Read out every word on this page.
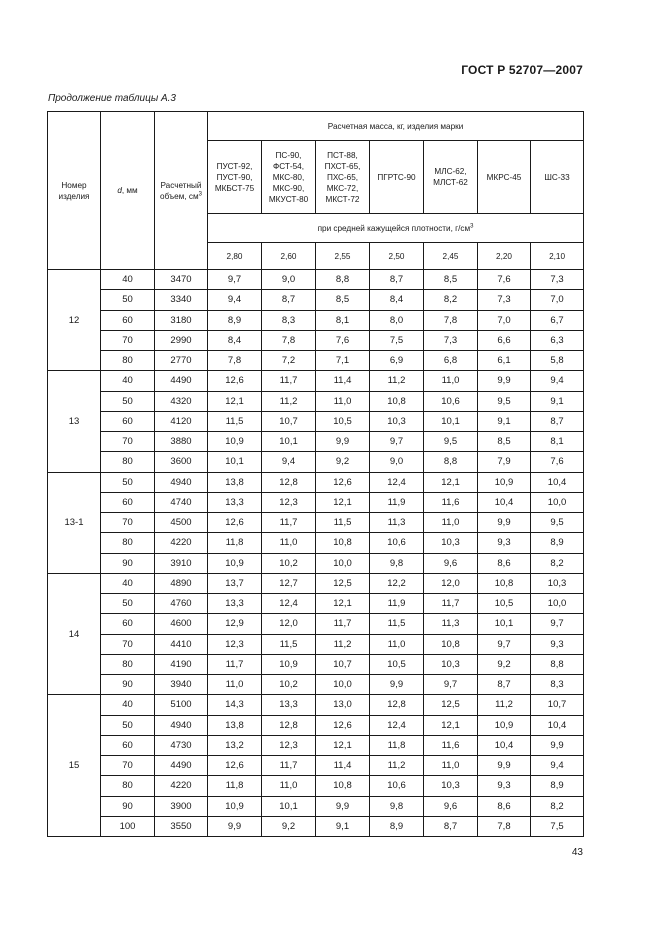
ГОСТ Р 52707—2007
Продолжение таблицы А.3
Номер изделия	d, мм	Расчетный объем, $см^3$	Расчетная масса, кг, изделия марки						
			ПУСТ-92, ПУСТ-90, МКБСТ-75	ПС-90, ФСТ-54, МКС-80, МКС-90, МКУСТ-80	ПСТ-88, ПХСТ-65, ПХС-65, МКС-72, МКСТ-72	ПГРТС-90	МЛС-62, МЛСТ-62	МКРС-45	ШС-33
			при средней кажущейся плотности, $г/см^3$
			2,80	2,60	2,55	2,50	2,45	2,20	2,10
12	40	3470	9,7	9,0	8,8	8,7	8,5	7,6	7,3
	50	3340	9,4	8,7	8,5	8,4	8,2	7,3	7,0
	60	3180	8,9	8,3	8,1	8,0	7,8	7,0	6,7
	70	2990	8,4	7,8	7,6	7,5	7,3	6,6	6,3
	80	2770	7,8	7,2	7,1	6,9	6,8	6,1	5,8
13	40	4490	12,6	11,7	11,4	11,2	11,0	9,9	9,4
	50	4320	12,1	11,2	11,0	10,8	10,6	9,5	9,1
	60	4120	11,5	10,7	10,5	10,3	10,1	9,1	8,7
	70	3880	10,9	10,1	9,9	9,7	9,5	8,5	8,1
	80	3600	10,1	9,4	9,2	9,0	8,8	7,9	7,6
13-1	50	4940	13,8	12,8	12,6	12,4	12,1	10,9	10,4
	60	4740	13,3	12,3	12,1	11,9	11,6	10,4	10,0
	70	4500	12,6	11,7	11,5	11,3	11,0	9,9	9,5
	80	4220	11,8	11,0	10,8	10,6	10,3	9,3	8,9
	90	3910	10,9	10,2	10,0	9,8	9,6	8,6	8,2
14	40	4890	13,7	12,7	12,5	12,2	12,0	10,8	10,3
	50	4760	13,3	12,4	12,1	11,9	11,7	10,5	10,0
	60	4600	12,9	12,0	11,7	11,5	11,3	10,1	9,7
	70	4410	12,3	11,5	11,2	11,0	10,8	9,7	9,3
	80	4190	11,7	10,9	10,7	10,5	10,3	9,2	8,8
	90	3940	11,0	10,2	10,0	9,9	9,7	8,7	8,3
15	40	5100	14,3	13,3	13,0	12,8	12,5	11,2	10,7
	50	4940	13,8	12,8	12,6	12,4	12,1	10,9	10,4
	60	4730	13,2	12,3	12,1	11,8	11,6	10,4	9,9
	70	4490	12,6	11,7	11,4	11,2	11,0	9,9	9,4
	80	4220	11,8	11,0	10,8	10,6	10,3	9,3	8,9
	90	3900	10,9	10,1	9,9	9,8	9,6	8,6	8,2
	100	3550	9,9	9,2	9,1	8,9	8,7	7,8	7,5
43
